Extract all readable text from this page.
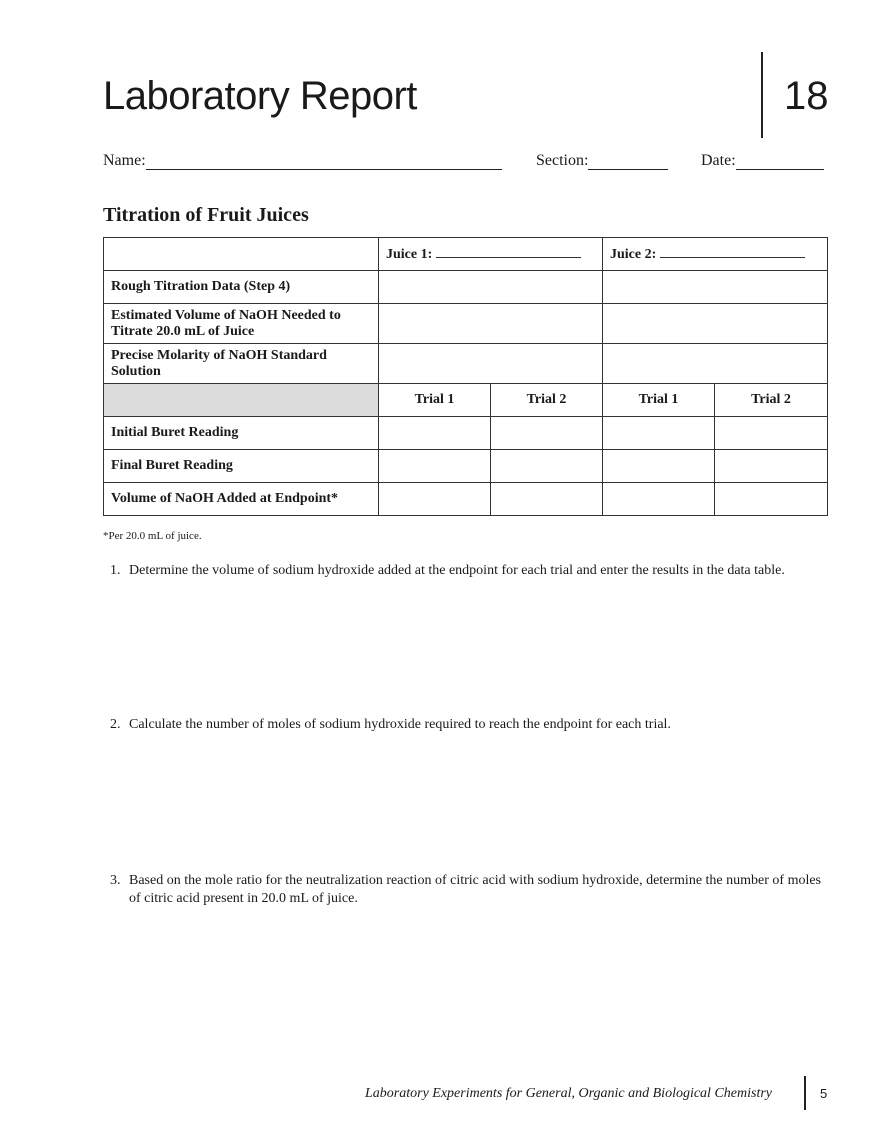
Laboratory Report	18
Name:	Section:	Date:
Titration of Fruit Juices
	Juice 1:		Juice 2:	
Rough Titration Data (Step 4)				
Estimated Volume of NaOH Needed to Titrate 20.0 mL of Juice				
Precise Molarity of NaOH Standard Solution				
	Trial 1	Trial 2	Trial 1	Trial 2
Initial Buret Reading				
Final Buret Reading				
Volume of NaOH Added at Endpoint*				
*Per 20.0 mL of juice.
1. Determine the volume of sodium hydroxide added at the endpoint for each trial and enter the results in the data table.
2. Calculate the number of moles of sodium hydroxide required to reach the endpoint for each trial.
3. Based on the mole ratio for the neutralization reaction of citric acid with sodium hydroxide, determine the number of moles of citric acid present in 20.0 mL of juice.
Laboratory Experiments for General, Organic and Biological Chemistry	5
